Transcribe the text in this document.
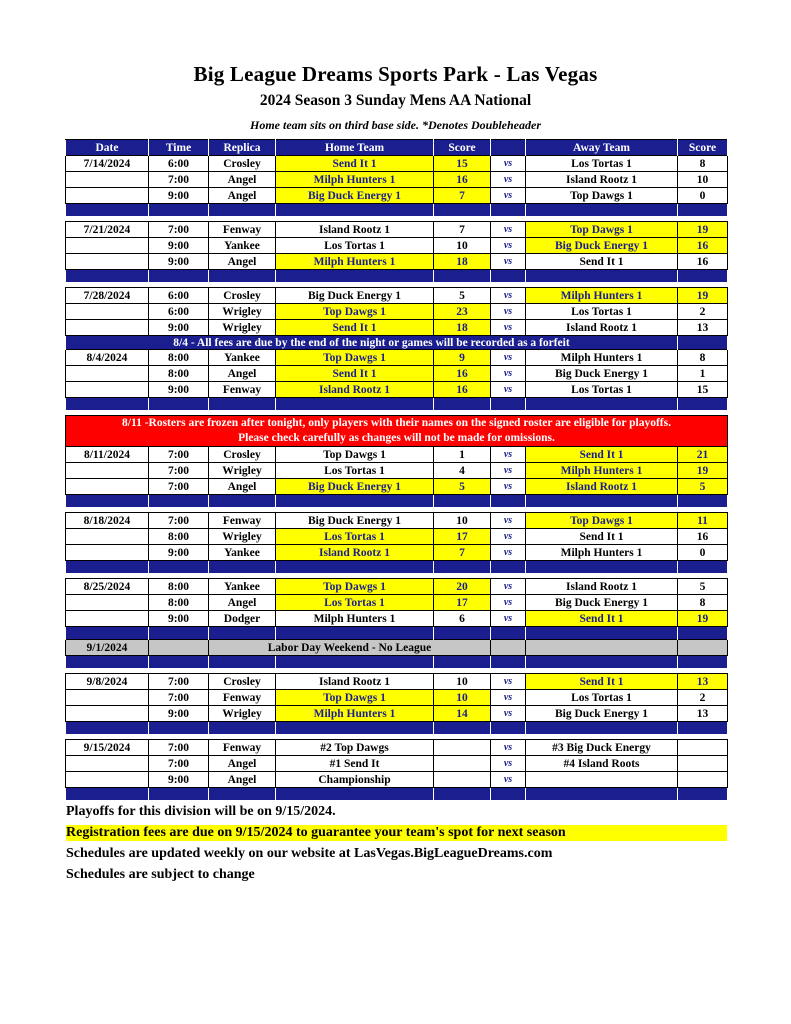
Big League Dreams Sports Park - Las Vegas
2024 Season 3 Sunday Mens AA National

Home team sits on third base side. *Denotes Doubleheader

Date	Time	Replica	Home Team	Score		Away Team	Score
7/14/2024	6:00	Crosley	Send It 1	15	vs	Los Tortas 1	8
	7:00	Angel	Milph Hunters 1	16	vs	Island Rootz 1	10
	9:00	Angel	Big Duck Energy 1	7	vs	Top Dawgs 1	0

7/21/2024	7:00	Fenway	Island Rootz 1	7	vs	Top Dawgs 1	19
	9:00	Yankee	Los Tortas 1	10	vs	Big Duck Energy 1	16
	9:00	Angel	Milph Hunters 1	18	vs	Send It 1	16

7/28/2024	6:00	Crosley	Big Duck Energy 1	5	vs	Milph Hunters 1	19
	6:00	Wrigley	Top Dawgs 1	23	vs	Los Tortas 1	2
	9:00	Wrigley	Send It 1	18	vs	Island Rootz 1	13
8/4 - All fees are due by the end of the night or games will be recorded as a forfeit							
8/4/2024	8:00	Yankee	Top Dawgs 1	9	vs	Milph Hunters 1	8
	8:00	Angel	Send It 1	16	vs	Big Duck Energy 1	1
	9:00	Fenway	Island Rootz 1	16	vs	Los Tortas 1	15

8/11 -Rosters are frozen after tonight, only players with their names on the signed roster are eligible for playoffs.
Please check carefully as changes will not be made for omissions.							

8/11/2024	7:00	Crosley	Top Dawgs 1	1	vs	Send It 1	21
	7:00	Wrigley	Los Tortas 1	4	vs	Milph Hunters 1	19
	7:00	Angel	Big Duck Energy 1	5	vs	Island Rootz 1	5

8/18/2024	7:00	Fenway	Big Duck Energy 1	10	vs	Top Dawgs 1	11
	8:00	Wrigley	Los Tortas 1	17	vs	Send It 1	16
	9:00	Yankee	Island Rootz 1	7	vs	Milph Hunters 1	0

8/25/2024	8:00	Yankee	Top Dawgs 1	20	vs	Island Rootz 1	5
	8:00	Angel	Los Tortas 1	17	vs	Big Duck Energy 1	8
	9:00	Dodger	Milph Hunters 1	6	vs	Send It 1	19

9/1/2024		Labor Day Weekend - No League					

9/8/2024	7:00	Crosley	Island Rootz 1	10	vs	Send It 1	13
	7:00	Fenway	Top Dawgs 1	10	vs	Los Tortas 1	2
	9:00	Wrigley	Milph Hunters 1	14	vs	Big Duck Energy 1	13

9/15/2024	7:00	Fenway	#2 Top Dawgs		vs	#3 Big Duck Energy	
	7:00	Angel	#1 Send It		vs	#4 Island Roots	
	9:00	Angel	Championship		vs		

Playoffs for this division will be on 9/15/2024.
Registration fees are due on 9/15/2024 to guarantee your team's spot for next season
Schedules are updated weekly on our website at LasVegas.BigLeagueDreams.com
Schedules are subject to change
